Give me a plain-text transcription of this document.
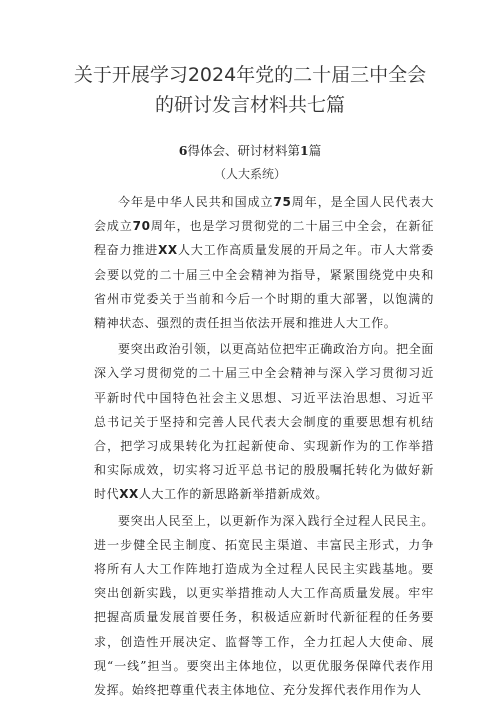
关于开展学习2024年党的二十届三中全会
的研讨发言材料共七篇
6得体会、研讨材料第1篇
（人大系统）

今年是中华人民共和国成立75周年，是全国人民代表大会成立70周年，也是学习贯彻党的二十届三中全会，在新征程奋力推进XX人大工作高质量发展的开局之年。市人大常委会要以党的二十届三中全会精神为指导，紧紧围绕党中央和省州市党委关于当前和今后一个时期的重大部署，以饱满的精神状态、强烈的责任担当依法开展和推进人大工作。

要突出政治引领，以更高站位把牢正确政治方向。把全面深入学习贯彻党的二十届三中全会精神与深入学习贯彻习近平新时代中国特色社会主义思想、习近平法治思想、习近平总书记关于坚持和完善人民代表大会制度的重要思想有机结合，把学习成果转化为扛起新使命、实现新作为的工作举措和实际成效，切实将习近平总书记的殷殷嘱托转化为做好新时代XX人大工作的新思路新举措新成效。

要突出人民至上，以更新作为深入践行全过程人民民主。进一步健全民主制度、拓宽民主渠道、丰富民主形式，力争将所有人大工作阵地打造成为全过程人民民主实践基地。要突出创新实践，以更实举措推动人大工作高质量发展。牢牢把握高质量发展首要任务，积极适应新时代新征程的任务要求，创造性开展决定、监督等工作，全力扛起人大使命、展现“一线”担当。要突出主体地位，以更优服务保障代表作用发挥。始终把尊重代表主体地位、充分发挥代表作用作为人
